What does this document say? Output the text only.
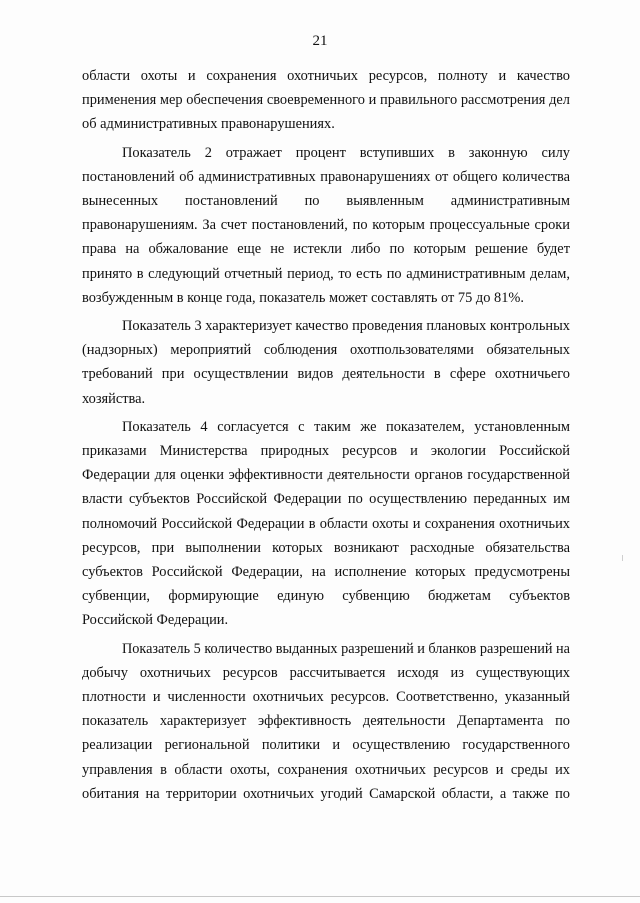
21
области охоты и сохранения охотничьих ресурсов, полноту и качество
применения мер обеспечения своевременного и правильного рассмотрения дел
об административных правонарушениях.
Показатель 2 отражает процент вступивших в законную силу
постановлений об административных правонарушениях от общего количества
вынесенных постановлений по выявленным административным
правонарушениям. За счет постановлений, по которым процессуальные сроки
права на обжалование еще не истекли либо по которым решение будет
принято в следующий отчетный период, то есть по административным делам,
возбужденным в конце года, показатель может составлять от 75 до 81%.
Показатель 3 характеризует качество проведения плановых контрольных
(надзорных) мероприятий соблюдения охотпользователями обязательных
требований при осуществлении видов деятельности в сфере охотничьего
хозяйства.
Показатель 4 согласуется с таким же показателем, установленным
приказами Министерства природных ресурсов и экологии Российской
Федерации для оценки эффективности деятельности органов государственной
власти субъектов Российской Федерации по осуществлению переданных им
полномочий Российской Федерации в области охоты и сохранения охотничьих
ресурсов, при выполнении которых возникают расходные обязательства
субъектов Российской Федерации, на исполнение которых предусмотрены
субвенции, формирующие единую субвенцию бюджетам субъектов
Российской Федерации.
Показатель 5 количество выданных разрешений и бланков разрешений на
добычу охотничьих ресурсов рассчитывается исходя из существующих
плотности и численности охотничьих ресурсов. Соответственно, указанный
показатель характеризует эффективность деятельности Департамента по
реализации региональной политики и осуществлению государственного
управления в области охоты, сохранения охотничьих ресурсов и среды их
обитания на территории охотничьих угодий Самарской области, а также по
